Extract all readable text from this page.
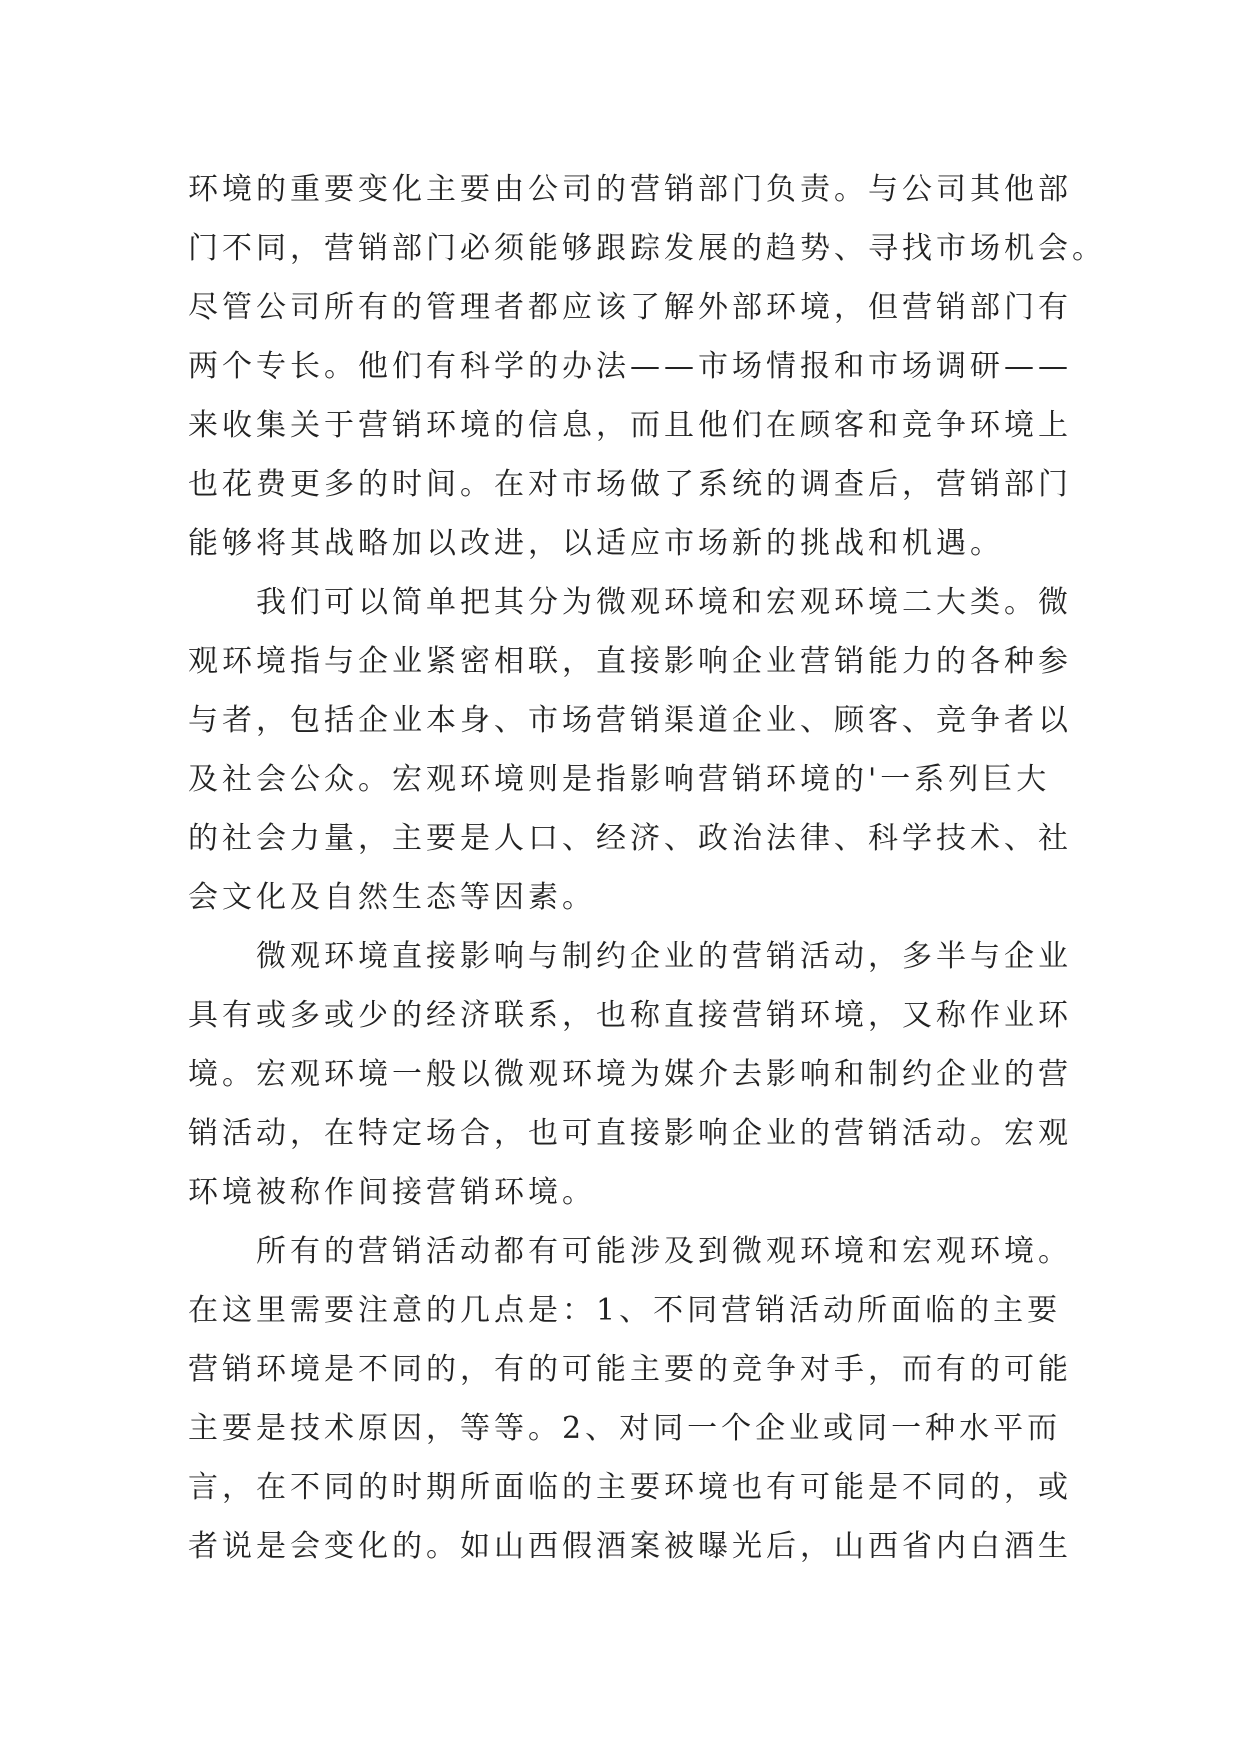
环境的重要变化主要由公司的营销部门负责。与公司其他部
门不同，营销部门必须能够跟踪发展的趋势、寻找市场机会。
尽管公司所有的管理者都应该了解外部环境，但营销部门有
两个专长。他们有科学的办法——市场情报和市场调研——
来收集关于营销环境的信息，而且他们在顾客和竞争环境上
也花费更多的时间。在对市场做了系统的调查后，营销部门
能够将其战略加以改进，以适应市场新的挑战和机遇。
我们可以简单把其分为微观环境和宏观环境二大类。微
观环境指与企业紧密相联，直接影响企业营销能力的各种参
与者，包括企业本身、市场营销渠道企业、顾客、竞争者以
及社会公众。宏观环境则是指影响营销环境的'一系列巨大
的社会力量，主要是人口、经济、政治法律、科学技术、社
会文化及自然生态等因素。
微观环境直接影响与制约企业的营销活动，多半与企业
具有或多或少的经济联系，也称直接营销环境，又称作业环
境。宏观环境一般以微观环境为媒介去影响和制约企业的营
销活动，在特定场合，也可直接影响企业的营销活动。宏观
环境被称作间接营销环境。
所有的营销活动都有可能涉及到微观环境和宏观环境。
在这里需要注意的几点是：1、不同营销活动所面临的主要
营销环境是不同的，有的可能主要的竞争对手，而有的可能
主要是技术原因，等等。2、对同一个企业或同一种水平而
言，在不同的时期所面临的主要环境也有可能是不同的，或
者说是会变化的。如山西假酒案被曝光后，山西省内白酒生
